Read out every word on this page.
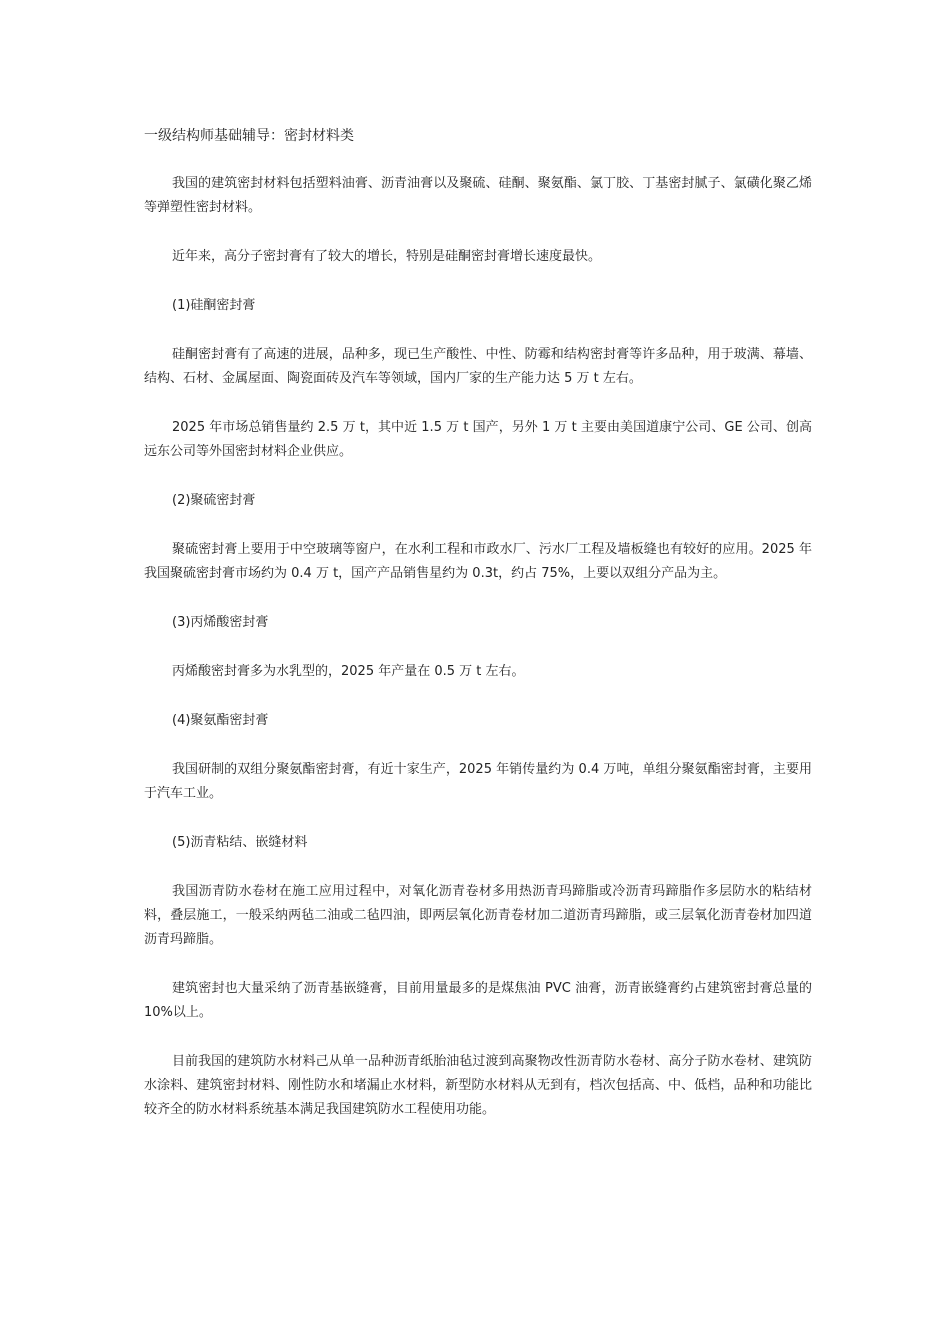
一级结构师基础辅导：密封材料类

我国的建筑密封材料包括塑料油膏、沥青油膏以及聚硫、硅酮、聚氨酯、氯丁胶、丁基密封腻子、氯磺化聚乙烯等弹塑性密封材料。

近年来，高分子密封膏有了较大的增长，特别是硅酮密封膏增长速度最快。

(1)硅酮密封膏

硅酮密封膏有了高速的进展，品种多，现已生产酸性、中性、防霉和结构密封膏等许多品种，用于玻满、幕墙、结构、石材、金属屋面、陶瓷面砖及汽车等领域，国内厂家的生产能力达 5 万 t 左右。

2025 年市场总销售量约 2.5 万 t，其中近 1.5 万 t 国产，另外 1 万 t 主要由美国道康宁公司、GE 公司、创高远东公司等外国密封材料企业供应。

(2)聚硫密封膏

聚硫密封膏上要用于中空玻璃等窗户，在水利工程和市政水厂、污水厂工程及墙板缝也有较好的应用。2025 年我国聚硫密封膏市场约为 0.4 万 t，国产产品销售星约为 0.3t，约占 75%，上要以双组分产品为主。

(3)丙烯酸密封膏

丙烯酸密封膏多为水乳型的，2025 年产量在 0.5 万 t 左右。

(4)聚氨酯密封膏

我国研制的双组分聚氨酯密封膏，有近十家生产，2025 年销传量约为 0.4 万吨，单组分聚氨酯密封膏，主要用于汽车工业。

(5)沥青粘结、嵌缝材料

我国沥青防水卷材在施工应用过程中，对氧化沥青卷材多用热沥青玛蹄脂或冷沥青玛蹄脂作多层防水的粘结材料，叠层施工，一般采纳两毡二油或二毡四油，即两层氧化沥青卷材加二道沥青玛蹄脂，或三层氧化沥青卷材加四道沥青玛蹄脂。

建筑密封也大量采纳了沥青基嵌缝膏，目前用量最多的是煤焦油 PVC 油膏，沥青嵌缝膏约占建筑密封膏总量的 10%以上。

目前我国的建筑防水材料己从单一品种沥青纸胎油毡过渡到高聚物改性沥青防水卷材、高分子防水卷材、建筑防水涂料、建筑密封材料、刚性防水和堵漏止水材料，新型防水材料从无到有，档次包括高、中、低档，品种和功能比较齐全的防水材料系统基本满足我国建筑防水工程使用功能。
